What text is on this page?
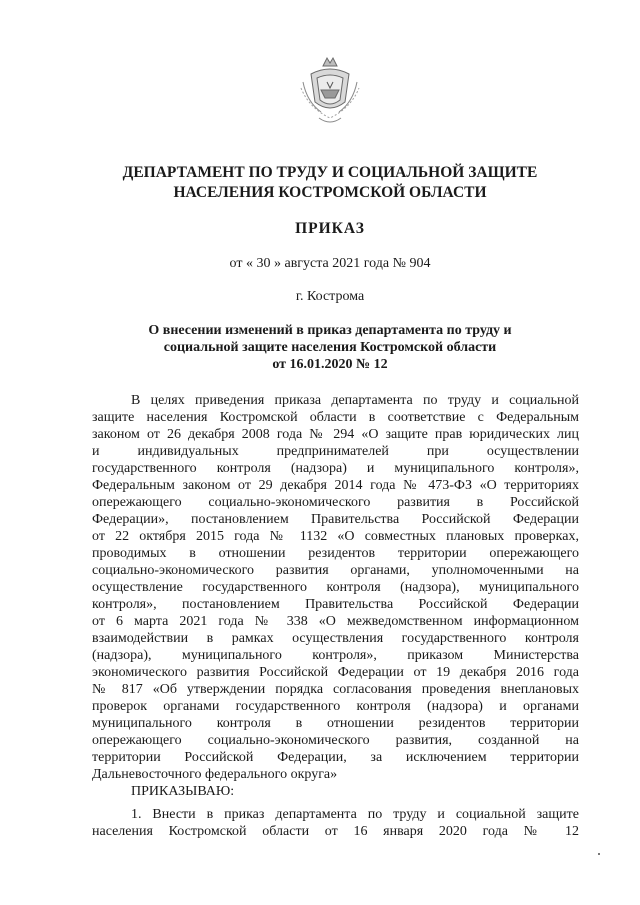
ДЕПАРТАМЕНТ ПО ТРУДУ И СОЦИАЛЬНОЙ ЗАЩИТЕ
НАСЕЛЕНИЯ КОСТРОМСКОЙ ОБЛАСТИ
ПРИКАЗ
от « 30 » августа 2021 года № 904
г. Кострома
О внесении изменений в приказ департамента по труду и
социальной защите населения Костромской области
от 16.01.2020 № 12
В целях приведения приказа департамента по труду и социальной
защите населения Костромской области в соответствие с Федеральным
законом от 26 декабря 2008 года № 294 «О защите прав юридических лиц
и индивидуальных предпринимателей при осуществлении
государственного контроля (надзора) и муниципального контроля»,
Федеральным законом от 29 декабря 2014 года № 473-ФЗ «О территориях
опережающего социально-экономического развития в Российской
Федерации», постановлением Правительства Российской Федерации
от 22 октября 2015 года № 1132 «О совместных плановых проверках,
проводимых в отношении резидентов территории опережающего
социально-экономического развития органами, уполномоченными на
осуществление государственного контроля (надзора), муниципального
контроля», постановлением Правительства Российской Федерации
от 6 марта 2021 года № 338 «О межведомственном информационном
взаимодействии в рамках осуществления государственного контроля
(надзора), муниципального контроля», приказом Министерства
экономического развития Российской Федерации от 19 декабря 2016 года
№ 817 «Об утверждении порядка согласования проведения внеплановых
проверок органами государственного контроля (надзора) и органами
муниципального контроля в отношении резидентов территории
опережающего социально-экономического развития, созданной на
территории Российской Федерации, за исключением территории
Дальневосточного федерального округа»
ПРИКАЗЫВАЮ:
1. Внести в приказ департамента по труду и социальной защите
населения Костромской области от 16 января 2020 года № 12
